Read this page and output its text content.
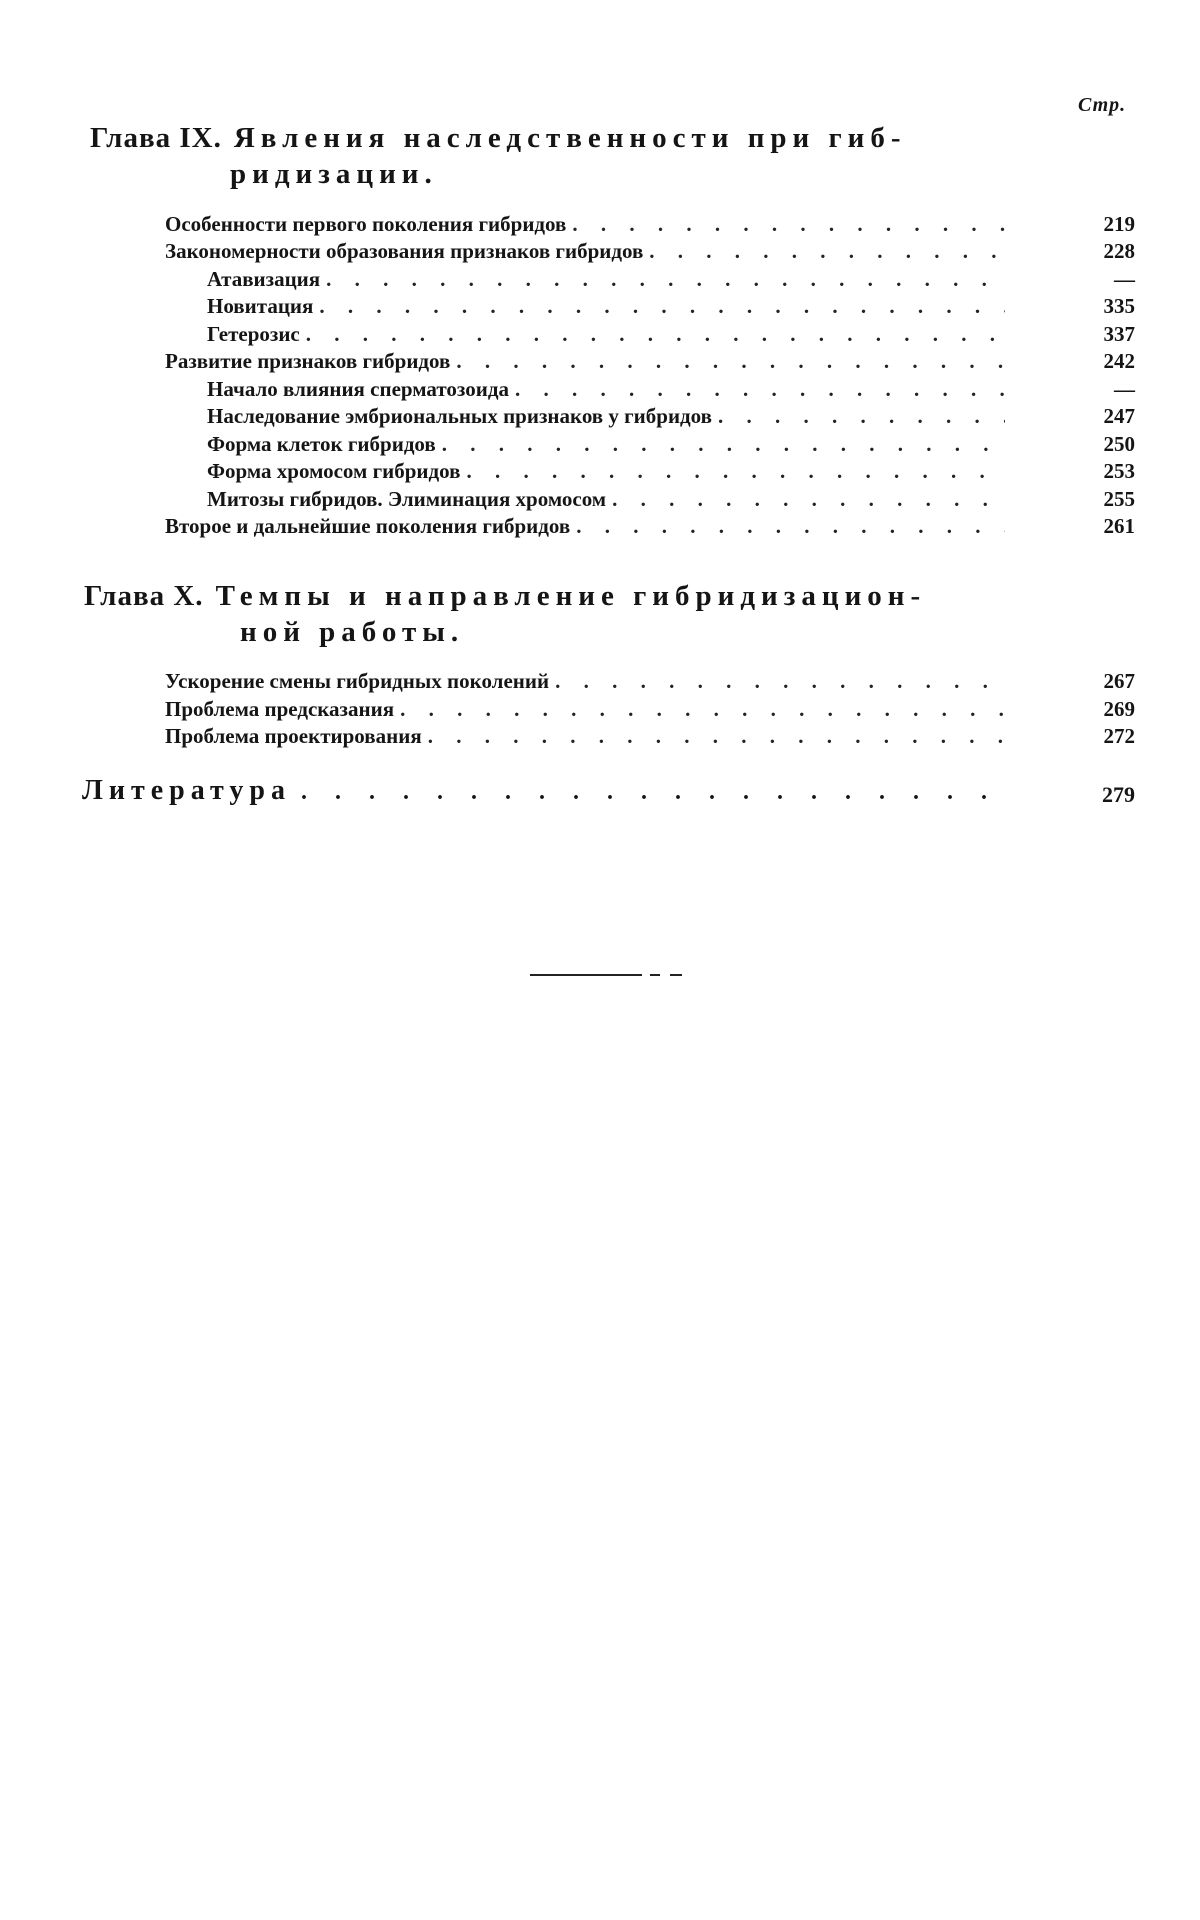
Стр.
Глава IX. Явления наследственности при гиб-
ридизации.
Особенности первого поколения гибридов . . .	219
Закономерности образования признаков гибридов . . .	228
Атавизация . . .	—
Новитация . . .	335
Гетерозис . . .	337
Развитие признаков гибридов . . .	242
Начало влияния сперматозоида . . .	—
Наследование эмбриональных признаков у гибридов . . .	247
Форма клеток гибридов . . .	250
Форма хромосом гибридов . . .	253
Митозы гибридов. Элиминация хромосом . . .	255
Второе и дальнейшие поколения гибридов . . .	261
Глава X. Темпы и направление гибридизацион-
ной работы.
Ускорение смены гибридных поколений . . .	267
Проблема предсказания . . .	269
Проблема проектирования . . .	272
Литература . . .	279
